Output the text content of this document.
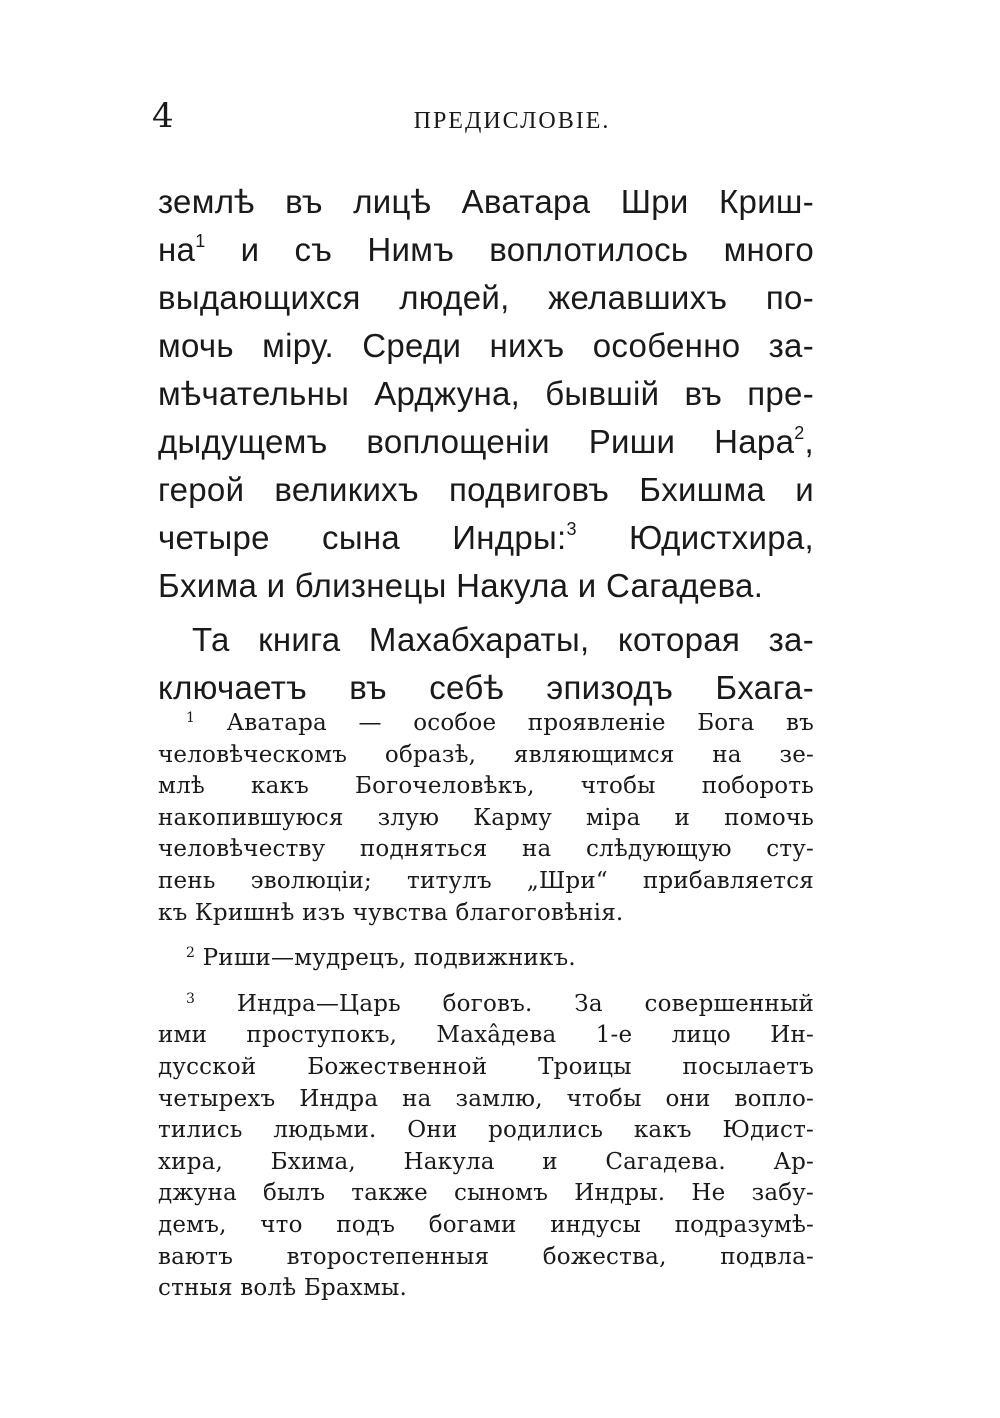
4	ПРЕДИСЛОВІЕ.
землѣ въ лицѣ Аватара Шри Криш-
$на^1$ и съ Нимъ воплотилось много
выдающихся людей, желавшихъ по-
мочь міру. Среди нихъ особенно за-
мѣчательны Арджуна, бывшій въ пре-
дыдущемъ воплощеніи Риши Нара$^2$,
герой великихъ подвиговъ Бхишма и
четыре сына Индры:$^3$ Юдистхира,
Бхима и близнецы Накула и Сагадева.
Та книга Махабхараты, которая за-
ключаетъ въ себѣ эпизодъ Бхага-
$^1$ Аватара — особое проявленіе Бога въ
человѣческомъ образѣ, являющимся на зе-
млѣ какъ Богочеловѣкъ, чтобы побороть
накопившуюся злую Карму міра и помочь
человѣчеству подняться на слѣдующую сту-
пень эволюціи; титулъ „Шри“ прибавляется
къ Кришнѣ изъ чувства благоговѣнія.
$^2$ Риши—мудрецъ, подвижникъ.
$^3$ Индра—Царь боговъ. За совершенный
ими проступокъ, Махâдева 1-е лицо Ин-
дусской Божественной Троицы посылаетъ
четырехъ Индра на замлю, чтобы они вопло-
тились людьми. Они родились какъ Юдист-
хира, Бхима, Накула и Сагадева. Ар-
джуна былъ также сыномъ Индры. Не забу-
демъ, что подъ богами индусы подразумѣ-
ваютъ второстепенныя божества, подвла-
стныя волѣ Брахмы.
